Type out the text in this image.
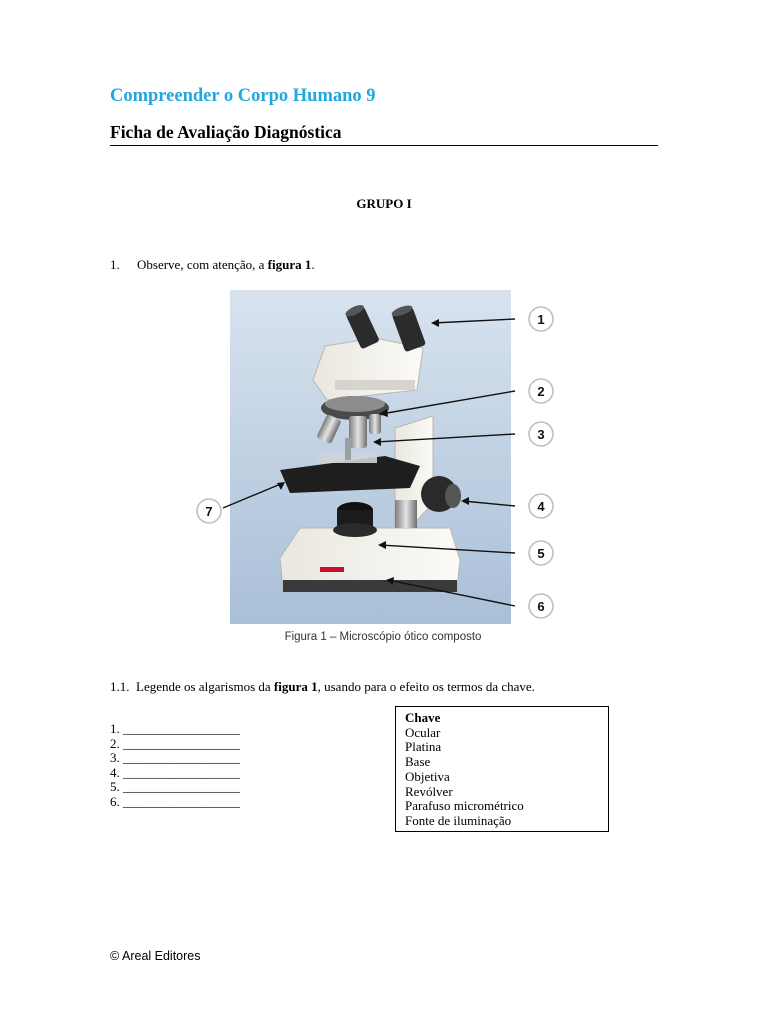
Compreender o Corpo Humano 9
Ficha de Avaliação Diagnóstica
GRUPO I
1. Observe, com atenção, a figura 1.
1
2
3
4
5
6
7
ORTI
Figura 1 – Microscópio ótico composto
1.1. Legende os algarismos da figura 1, usando para o efeito os termos da chave.
1. __________________
2. __________________
3. __________________
4. __________________
5. __________________
6. __________________
Chave
Ocular
Platina
Base
Objetiva
Revólver
Parafuso micrométrico
Fonte de iluminação
© Areal Editores
